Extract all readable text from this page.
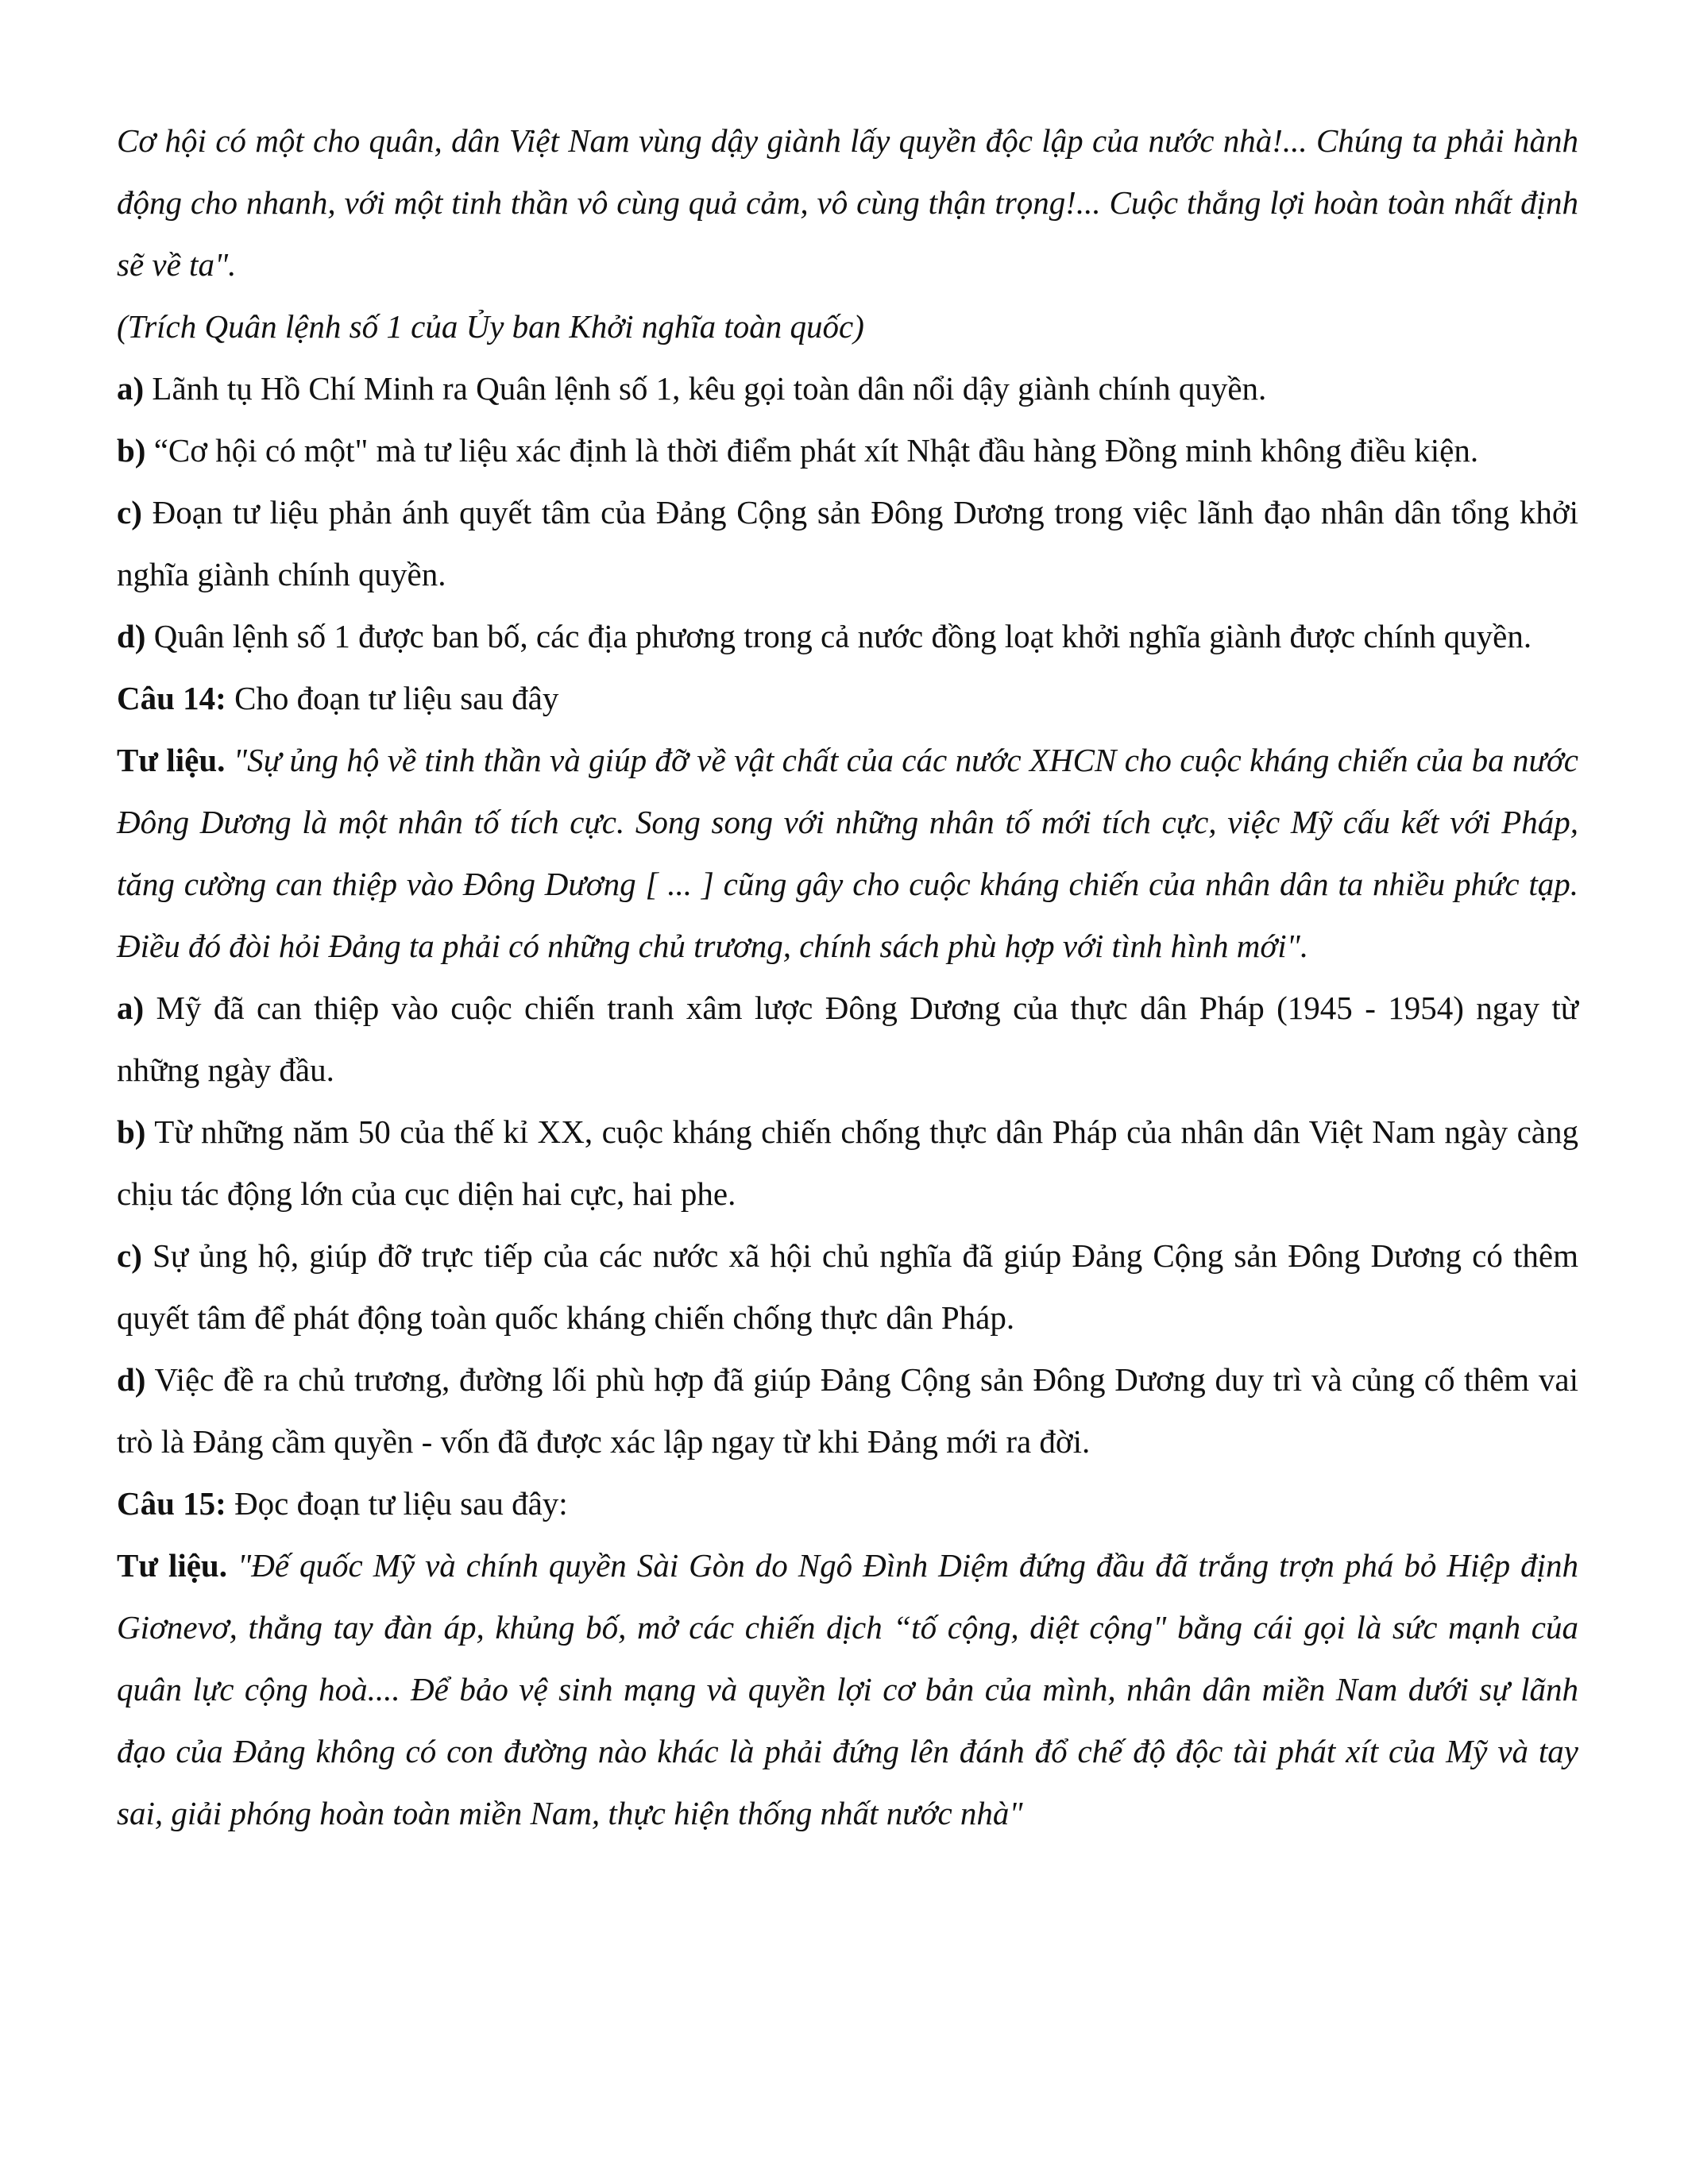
Cơ hội có một cho quân, dân Việt Nam vùng dậy giành lấy quyền độc lập của nước nhà!... Chúng ta phải hành động cho nhanh, với một tinh thần vô cùng quả cảm, vô cùng thận trọng!... Cuộc thắng lợi hoàn toàn nhất định sẽ về ta".

(Trích Quân lệnh số 1 của Ủy ban Khởi nghĩa toàn quốc)

a) Lãnh tụ Hồ Chí Minh ra Quân lệnh số 1, kêu gọi toàn dân nổi dậy giành chính quyền.

b) “Cơ hội có một" mà tư liệu xác định là thời điểm phát xít Nhật đầu hàng Đồng minh không điều kiện.

c) Đoạn tư liệu phản ánh quyết tâm của Đảng Cộng sản Đông Dương trong việc lãnh đạo nhân dân tổng khởi nghĩa giành chính quyền.

d) Quân lệnh số 1 được ban bố, các địa phương trong cả nước đồng loạt khởi nghĩa giành được chính quyền.

Câu 14: Cho đoạn tư liệu sau đây

Tư liệu. "Sự ủng hộ về tinh thần và giúp đỡ về vật chất của các nước XHCN cho cuộc kháng chiến của ba nước Đông Dương là một nhân tố tích cực. Song song với những nhân tố mới tích cực, việc Mỹ cấu kết với Pháp, tăng cường can thiệp vào Đông Dương [ ... ] cũng gây cho cuộc kháng chiến của nhân dân ta nhiều phức tạp. Điều đó đòi hỏi Đảng ta phải có những chủ trương, chính sách phù hợp với tình hình mới".

a) Mỹ đã can thiệp vào cuộc chiến tranh xâm lược Đông Dương của thực dân Pháp (1945 - 1954) ngay từ những ngày đầu.

b) Từ những năm 50 của thế kỉ XX, cuộc kháng chiến chống thực dân Pháp của nhân dân Việt Nam ngày càng chịu tác động lớn của cục diện hai cực, hai phe.

c) Sự ủng hộ, giúp đỡ trực tiếp của các nước xã hội chủ nghĩa đã giúp Đảng Cộng sản Đông Dương có thêm quyết tâm để phát động toàn quốc kháng chiến chống thực dân Pháp.

d) Việc đề ra chủ trương, đường lối phù hợp đã giúp Đảng Cộng sản Đông Dương duy trì và củng cố thêm vai trò là Đảng cầm quyền - vốn đã được xác lập ngay từ khi Đảng mới ra đời.

Câu 15: Đọc đoạn tư liệu sau đây:

Tư liệu. "Đế quốc Mỹ và chính quyền Sài Gòn do Ngô Đình Diệm đứng đầu đã trắng trợn phá bỏ Hiệp định Giơnevơ, thẳng tay đàn áp, khủng bố, mở các chiến dịch “tố cộng, diệt cộng" bằng cái gọi là sức mạnh của quân lực cộng hoà.... Để bảo vệ sinh mạng và quyền lợi cơ bản của mình, nhân dân miền Nam dưới sự lãnh đạo của Đảng không có con đường nào khác là phải đứng lên đánh đổ chế độ độc tài phát xít của Mỹ và tay sai, giải phóng hoàn toàn miền Nam, thực hiện thống nhất nước nhà"
